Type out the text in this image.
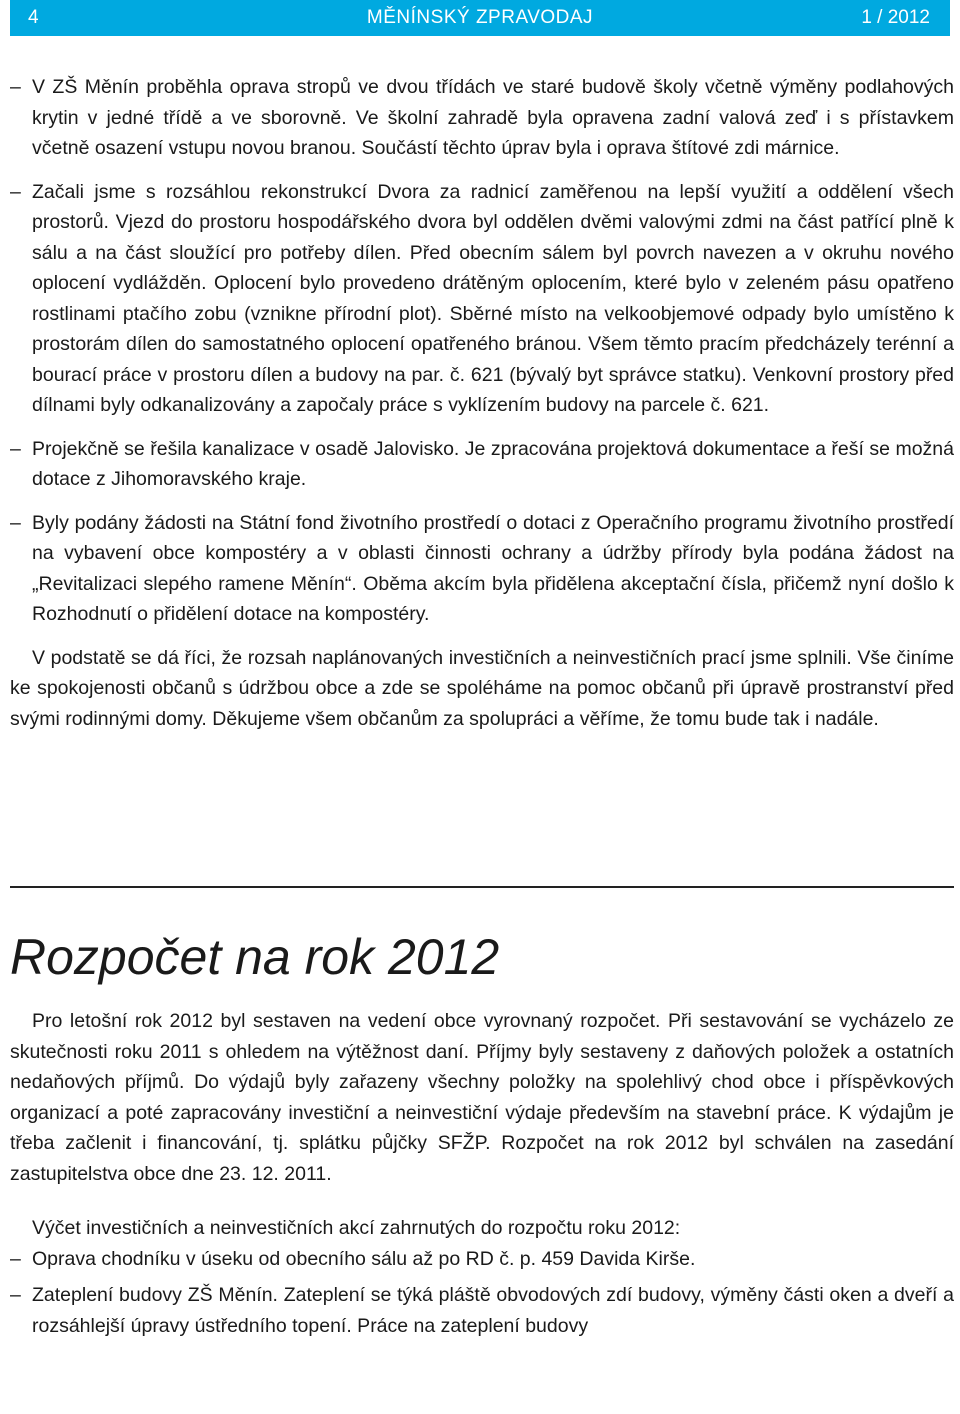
4	MĚNÍNSKÝ ZPRAVODAJ	1 / 2012
– V ZŠ Měnín proběhla oprava stropů ve dvou třídách ve staré budově školy včetně výměny podlahových krytin v jedné třídě a ve sborovně. Ve školní zahradě byla opravena zadní valová zeď i s přístavkem včetně osazení vstupu novou branou. Součástí těchto úprav byla i oprava štítové zdi márnice.
– Začali jsme s rozsáhlou rekonstrukcí Dvora za radnicí zaměřenou na lepší využití a oddělení všech prostorů. Vjezd do prostoru hospodářského dvora byl oddělen dvěmi valovými zdmi na část patřící plně k sálu a na část sloužící pro potřeby dílen. Před obecním sálem byl povrch navezen a v okruhu nového oplocení vydlážděn. Oplocení bylo provedeno drátěným oplocením, které bylo v zeleném pásu opatřeno rostlinami ptačího zobu (vznikne přírodní plot). Sběrné místo na velkoobjemové odpady bylo umístěno k prostorám dílen do samostatného oplocení opatřeného bránou. Všem těmto pracím předcházely terénní a bourací práce v prostoru dílen a budovy na par. č. 621 (bývalý byt správce statku). Venkovní prostory před dílnami byly odkanalizovány a započaly práce s vyklízením budovy na parcele č. 621.
– Projekčně se řešila kanalizace v osadě Jalovisko. Je zpracována projektová dokumentace a řeší se možná dotace z Jihomoravského kraje.
– Byly podány žádosti na Státní fond životního prostředí o dotaci z Operačního programu životního prostředí na vybavení obce kompostéry a v oblasti činnosti ochrany a údržby přírody byla podána žádost na „Revitalizaci slepého ramene Měnín“. Oběma akcím byla přidělena akceptační čísla, přičemž nyní došlo k Rozhodnutí o přidělení dotace na kompostéry.

V podstatě se dá říci, že rozsah naplánovaných investičních a neinvestičních prací jsme splnili. Vše činíme ke spokojenosti občanů s údržbou obce a zde se spoléháme na pomoc občanů při úpravě prostranství před svými rodinnými domy. Děkujeme všem občanům za spolupráci a věříme, že tomu bude tak i nadále.

Rozpočet na rok 2012

Pro letošní rok 2012 byl sestaven na vedení obce vyrovnaný rozpočet. Při sestavování se vycházelo ze skutečnosti roku 2011 s ohledem na výtěžnost daní. Příjmy byly sestaveny z daňových položek a ostatních nedaňových příjmů. Do výdajů byly zařazeny všechny položky na spolehlivý chod obce i příspěvkových organizací a poté zapracovány investiční a neinvestiční výdaje především na stavební práce. K výdajům je třeba začlenit i financování, tj. splátku půjčky SFŽP. Rozpočet na rok 2012 byl schválen na zasedání zastupitelstva obce dne 23. 12. 2011.

Výčet investičních a neinvestičních akcí zahrnutých do rozpočtu roku 2012:

– Oprava chodníku v úseku od obecního sálu až po RD č. p. 459 Davida Kirše.
– Zateplení budovy ZŠ Měnín. Zateplení se týká pláště obvodových zdí budovy, výměny části oken a dveří a rozsáhlejší úpravy ústředního topení. Práce na zateplení budovy
